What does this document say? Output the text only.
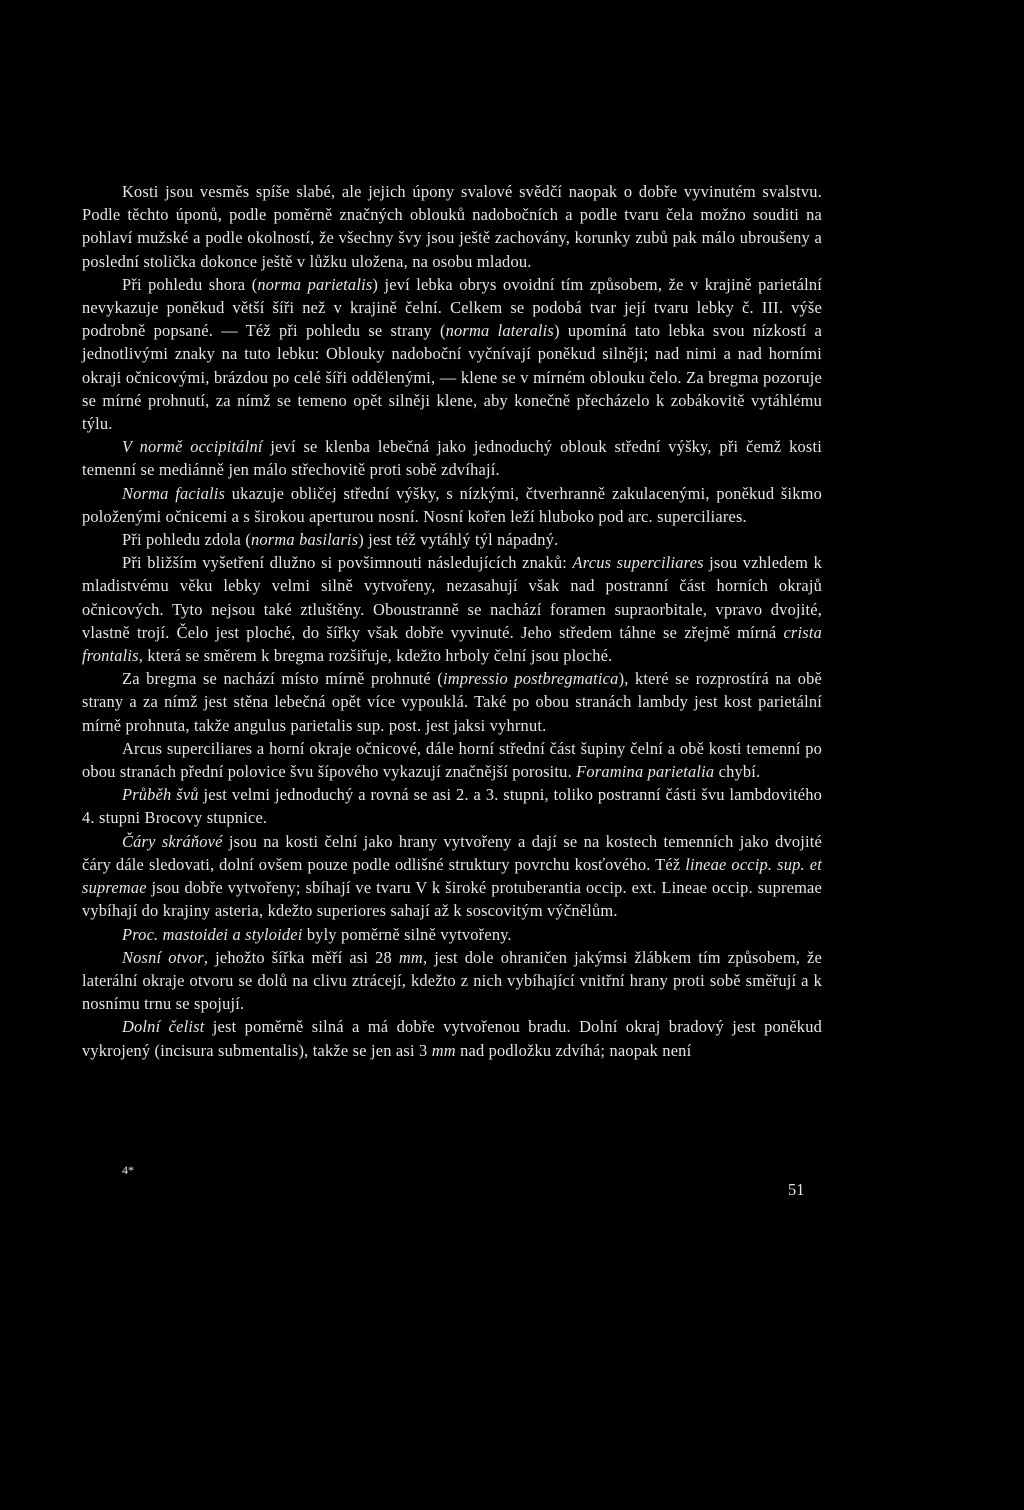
Kosti jsou vesměs spíše slabé, ale jejich úpony svalové svědčí naopak o dobře vyvinutém svalstvu. Podle těchto úponů, podle poměrně značných oblouků nadobočních a podle tvaru čela možno souditi na pohlaví mužské a podle okolností, že všechny švy jsou ještě zachovány, korunky zubů pak málo ubroušeny a poslední stolička dokonce ještě v lůžku uložena, na osobu mladou.

Při pohledu shora (norma parietalis) jeví lebka obrys ovoidní tím způsobem, že v krajině parietální nevykazuje poněkud větší šíři než v krajině čelní. Celkem se podobá tvar její tvaru lebky č. III. výše podrobně popsané. — Též při pohledu se strany (norma lateralis) upomíná tato lebka svou nízkostí a jednotlivými znaky na tuto lebku: Oblouky nadoboční vyčnívají poněkud silněji; nad nimi a nad horními okraji očnicovými, brázdou po celé šíři oddělenými, — klene se v mírném oblouku čelo. Za bregma pozoruje se mírné prohnutí, za nímž se temeno opět silněji klene, aby konečně přecházelo k zobákovitě vytáhlému týlu.

V normě occipitální jeví se klenba lebečná jako jednoduchý oblouk střední výšky, při čemž kosti temenní se mediánně jen málo střechovitě proti sobě zdvíhají.

Norma facialis ukazuje obličej střední výšky, s nízkými, čtverhranně zakulacenými, poněkud šikmo položenými očnicemi a s širokou aperturou nosní. Nosní kořen leží hluboko pod arc. superciliares.

Při pohledu zdola (norma basilaris) jest též vytáhlý týl nápadný.

Při bližším vyšetření dlužno si povšimnouti následujících znaků: Arcus superciliares jsou vzhledem k mladistvému věku lebky velmi silně vytvořeny, nezasahují však nad postranní část horních okrajů očnicových. Tyto nejsou také ztluštěny. Oboustranně se nachází foramen supraorbitale, vpravo dvojité, vlastně trojí. Čelo jest ploché, do šířky však dobře vyvinuté. Jeho středem táhne se zřejmě mírná crista frontalis, která se směrem k bregma rozšiřuje, kdežto hrboly čelní jsou ploché.

Za bregma se nachází místo mírně prohnuté (impressio postbregmatica), které se rozprostírá na obě strany a za nímž jest stěna lebečná opět více vypouklá. Také po obou stranách lambdy jest kost parietální mírně prohnuta, takže angulus parietalis sup. post. jest jaksi vyhrnut.

Arcus superciliares a horní okraje očnicové, dále horní střední část šupiny čelní a obě kosti temenní po obou stranách přední polovice švu šípového vykazují značnější porositu. Foramina parietalia chybí.

Průběh švů jest velmi jednoduchý a rovná se asi 2. a 3. stupni, toliko postranní části švu lambdovitého 4. stupni Brocovy stupnice.

Čáry skráňové jsou na kosti čelní jako hrany vytvořeny a dají se na kostech temenních jako dvojité čáry dále sledovati, dolní ovšem pouze podle odlišné struktury povrchu kosťového. Též lineae occip. sup. et supremae jsou dobře vytvořeny; sbíhají ve tvaru V k široké protuberantia occip. ext. Lineae occip. supremae vybíhají do krajiny asteria, kdežto superiores sahají až k soscovitým výčnělům.

Proc. mastoidei a styloidei byly poměrně silně vytvořeny.

Nosní otvor, jehožto šířka měří asi 28 mm, jest dole ohraničen jakýmsi žlábkem tím způsobem, že laterální okraje otvoru se dolů na clivu ztrácejí, kdežto z nich vybíhající vnitřní hrany proti sobě směřují a k nosnímu trnu se spojují.

Dolní čelist jest poměrně silná a má dobře vytvořenou bradu. Dolní okraj bradový jest poněkud vykrojený (incisura submentalis), takže se jen asi 3 mm nad podložku zdvíhá; naopak není

4*
51
